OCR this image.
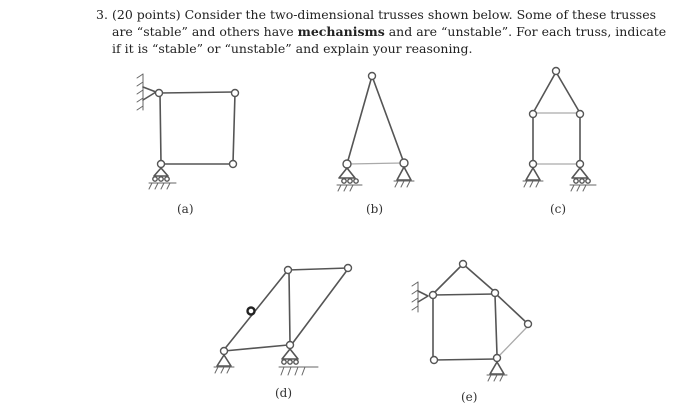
3. (20 points) Consider the two-dimensional trusses shown below. Some of these trusses
are “stable” and others have mechanisms and are “unstable”. For each truss, indicate
if it is “stable” or “unstable” and explain your reasoning.
(a)	(b)	(c)
(d)	(e)
